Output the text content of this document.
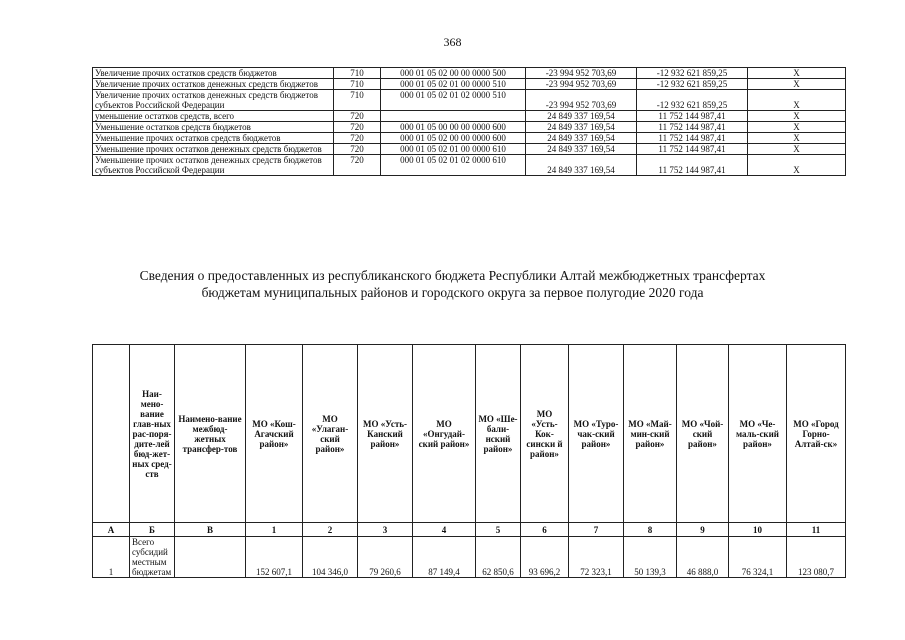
368
Увеличение прочих остатков средств бюджетов	710	000 01 05 02 00 00 0000 500	-23 994 952 703,69	-12 932 621 859,25	X
Увеличение прочих остатков денежных средств бюджетов	710	000 01 05 02 01 00 0000 510	-23 994 952 703,69	-12 932 621 859,25	X
Увеличение прочих остатков денежных средств бюджетов субъектов Российской Федерации	710	000 01 05 02 01 02 0000 510	-23 994 952 703,69	-12 932 621 859,25	X
уменьшение остатков средств, всего	720		24 849 337 169,54	11 752 144 987,41	X
Уменьшение остатков средств бюджетов	720	000 01 05 00 00 00 0000 600	24 849 337 169,54	11 752 144 987,41	X
Уменьшение прочих остатков средств бюджетов	720	000 01 05 02 00 00 0000 600	24 849 337 169,54	11 752 144 987,41	X
Уменьшение прочих остатков денежных средств бюджетов	720	000 01 05 02 01 00 0000 610	24 849 337 169,54	11 752 144 987,41	X
Уменьшение прочих остатков денежных средств бюджетов субъектов Российской Федерации	720	000 01 05 02 01 02 0000 610	24 849 337 169,54	11 752 144 987,41	X
Сведения о предоставленных из республиканского бюджета Республики Алтай межбюджетных трансфертах
бюджетам муниципальных районов и городского округа за первое полугодие 2020 года
	Наи-мено-вание глав-ных рас-поря-дите-лей бюд-жет-ных сред-ств	Наимено-вание межбюд-жетных трансфер-тов	МО «Кош-Агачский район»	МО «Улаган-ский район»	МО «Усть-Канский район»	МО «Онгудай-ский район»	МО «Ше-бали-нский район»	МО «Усть-Кок-сински й район»	МО «Туро-чак-ский район»	МО «Май-мин-ский район»	МО «Чой-ский район»	МО «Че-маль-ский район»	МО «Город Горно-Алтай-ск»
А	Б	В	1	2	3	4	5	6	7	8	9	10	11
1	Всего субсидий местным бюджетам		152 607,1	104 346,0	79 260,6	87 149,4	62 850,6	93 696,2	72 323,1	50 139,3	46 888,0	76 324,1	123 080,7
